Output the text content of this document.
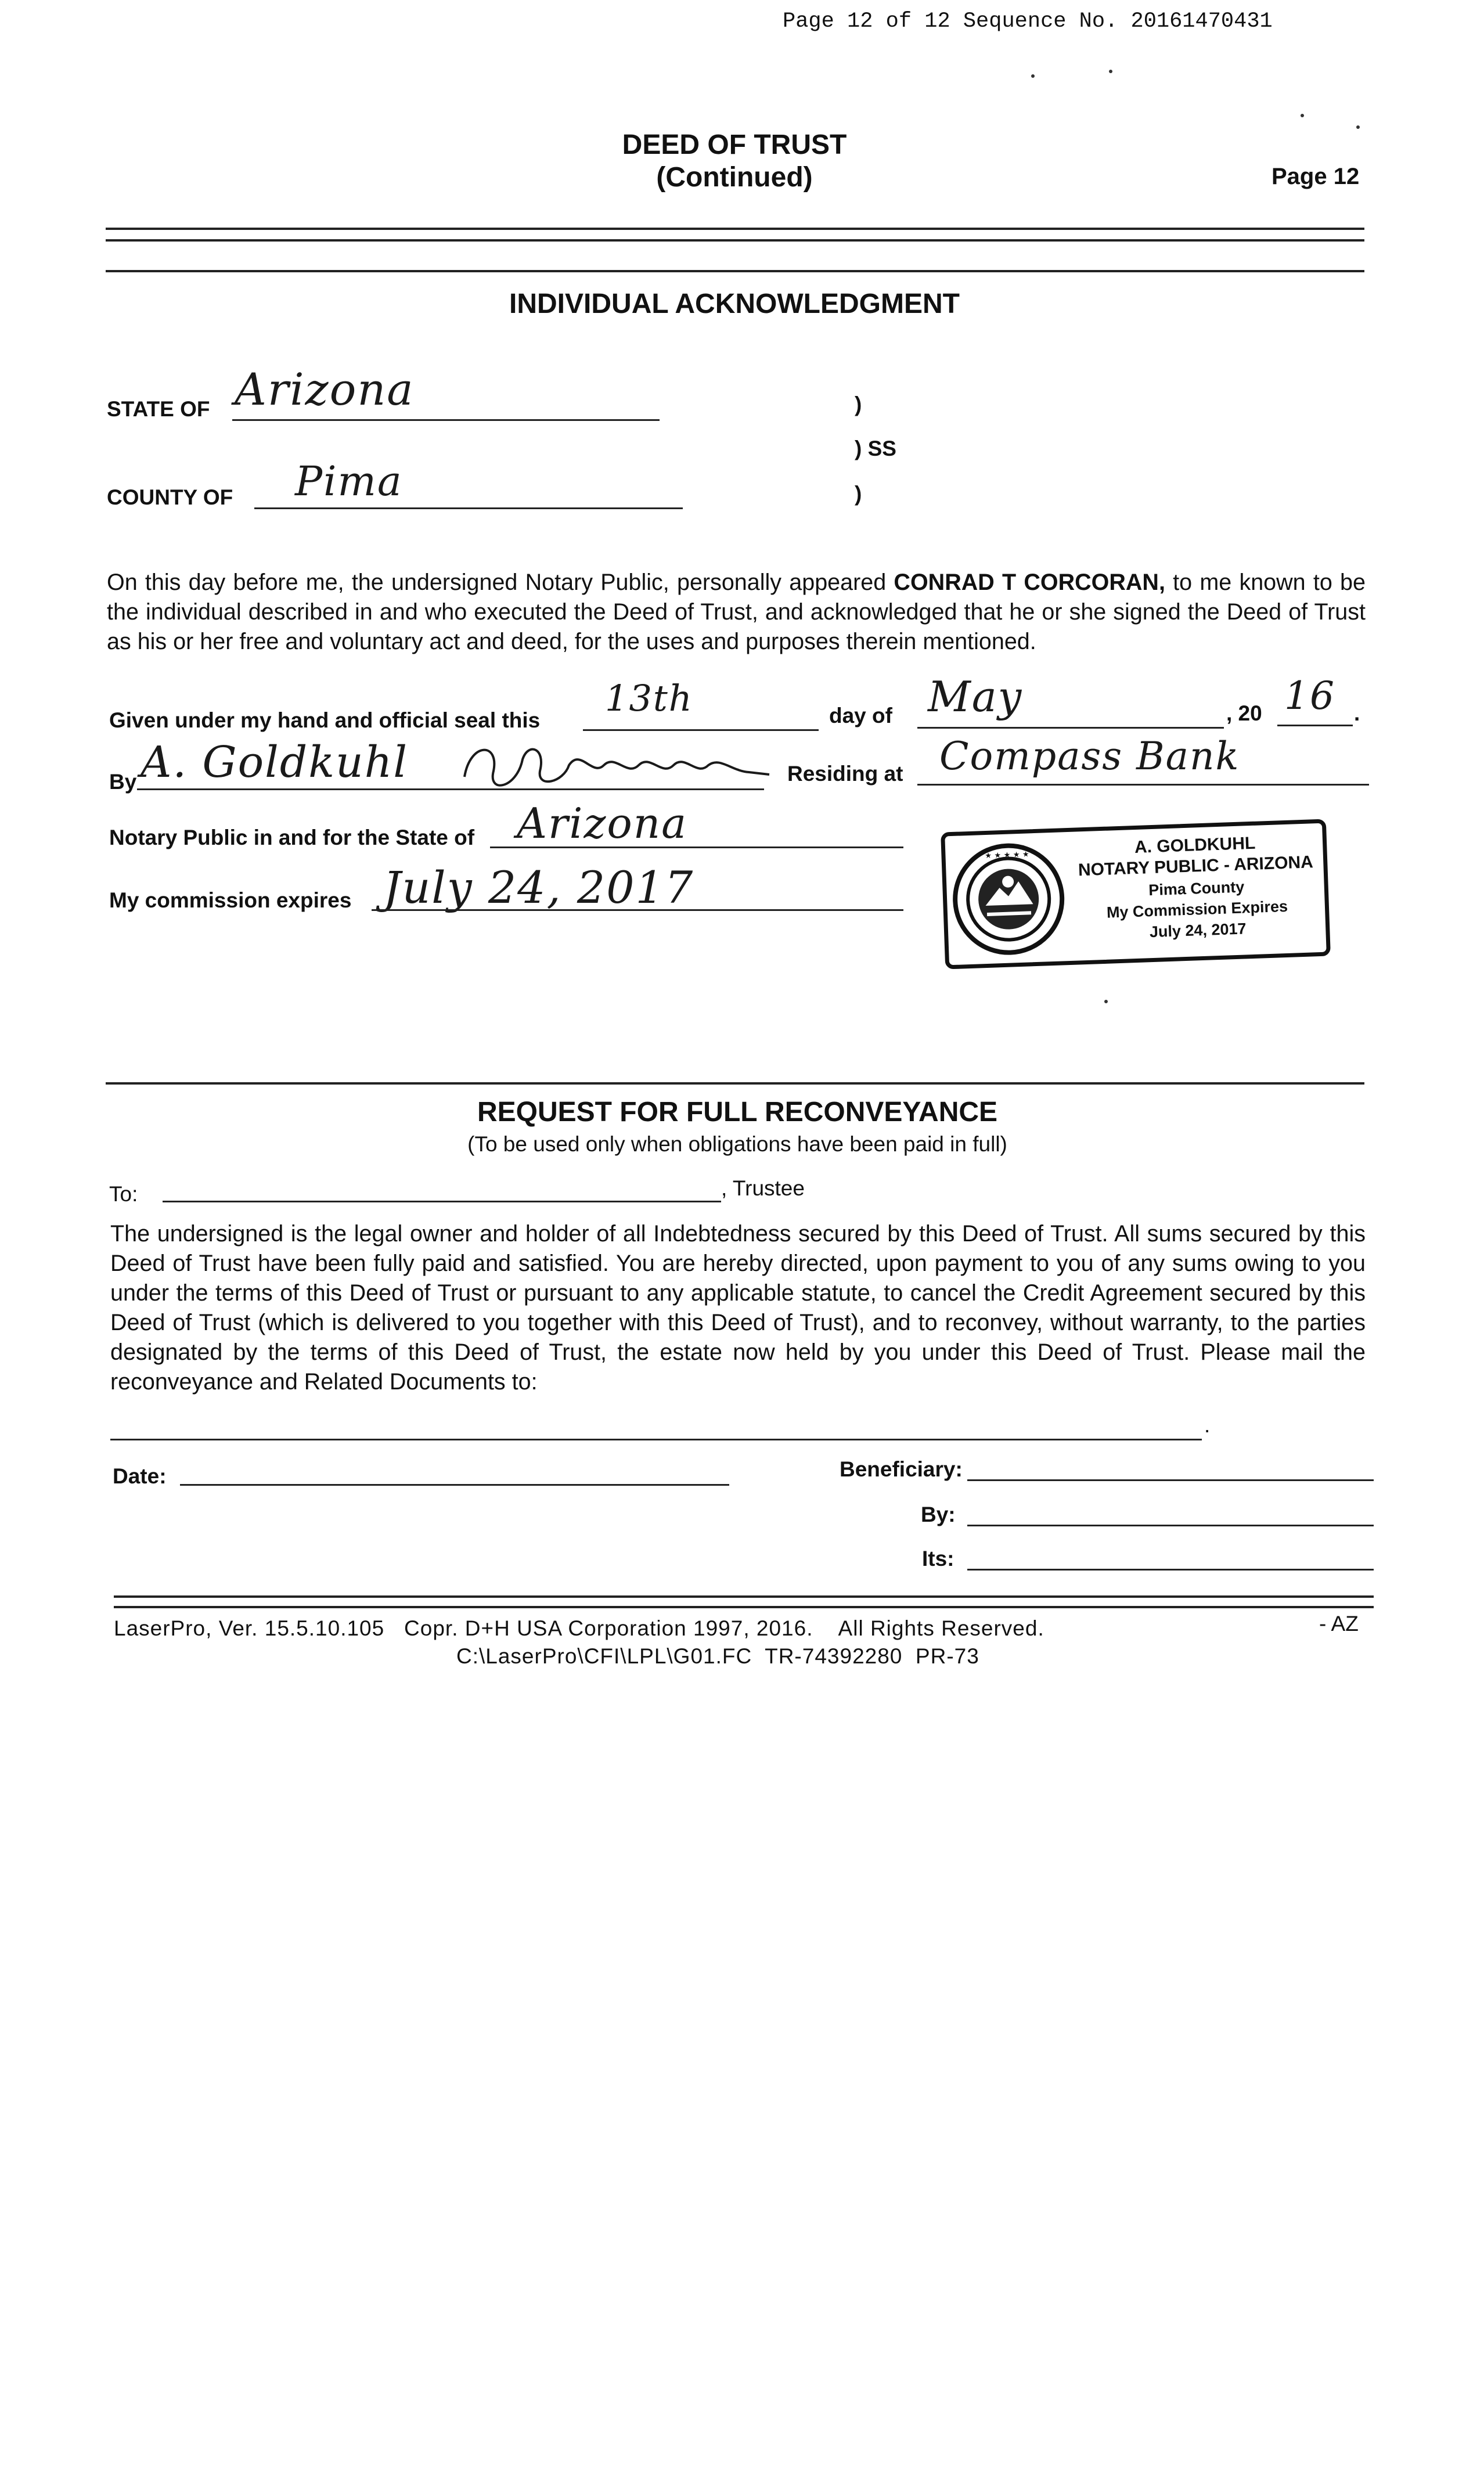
Page 12 of 12 Sequence No. 20161470431
DEED OF TRUST
(Continued)	Page 12
INDIVIDUAL ACKNOWLEDGMENT
STATE OF Arizona	)
) SS
)
COUNTY OF Pima
On this day before me, the undersigned Notary Public, personally appeared CONRAD T CORCORAN, to me known to be the individual described in and who executed the Deed of Trust, and acknowledged that he or she signed the Deed of Trust as his or her free and voluntary act and deed, for the uses and purposes therein mentioned.
Given under my hand and official seal this
13th	day of May	, 20 16 .
By A. Goldkuhl	Residing at Compass Bank
Notary Public in and for the State of Arizona
My commission expires July 24, 2017
★ ★ ★ ★ ★	A. GOLDKUHL
NOTARY PUBLIC - ARIZONA
Pima County
My Commission Expires
July 24, 2017
REQUEST FOR FULL RECONVEYANCE
(To be used only when obligations have been paid in full)
To:	, Trustee
The undersigned is the legal owner and holder of all Indebtedness secured by this Deed of Trust. All sums secured by this Deed of Trust have been fully paid and satisfied. You are hereby directed, upon payment to you of any sums owing to you under the terms of this Deed of Trust or pursuant to any applicable statute, to cancel the Credit Agreement secured by this Deed of Trust (which is delivered to you together with this Deed of Trust), and to reconvey, without warranty, to the parties designated by the terms of this Deed of Trust, the estate now held by you under this Deed of Trust. Please mail the reconveyance and Related Documents to:
.
Date:	Beneficiary:
By:
Its:
LaserPro, Ver. 15.5.10.105   Copr. D+H USA Corporation 1997, 2016.    All Rights Reserved.	- AZ
C:\LaserPro\CFI\LPL\G01.FC  TR-74392280  PR-73
